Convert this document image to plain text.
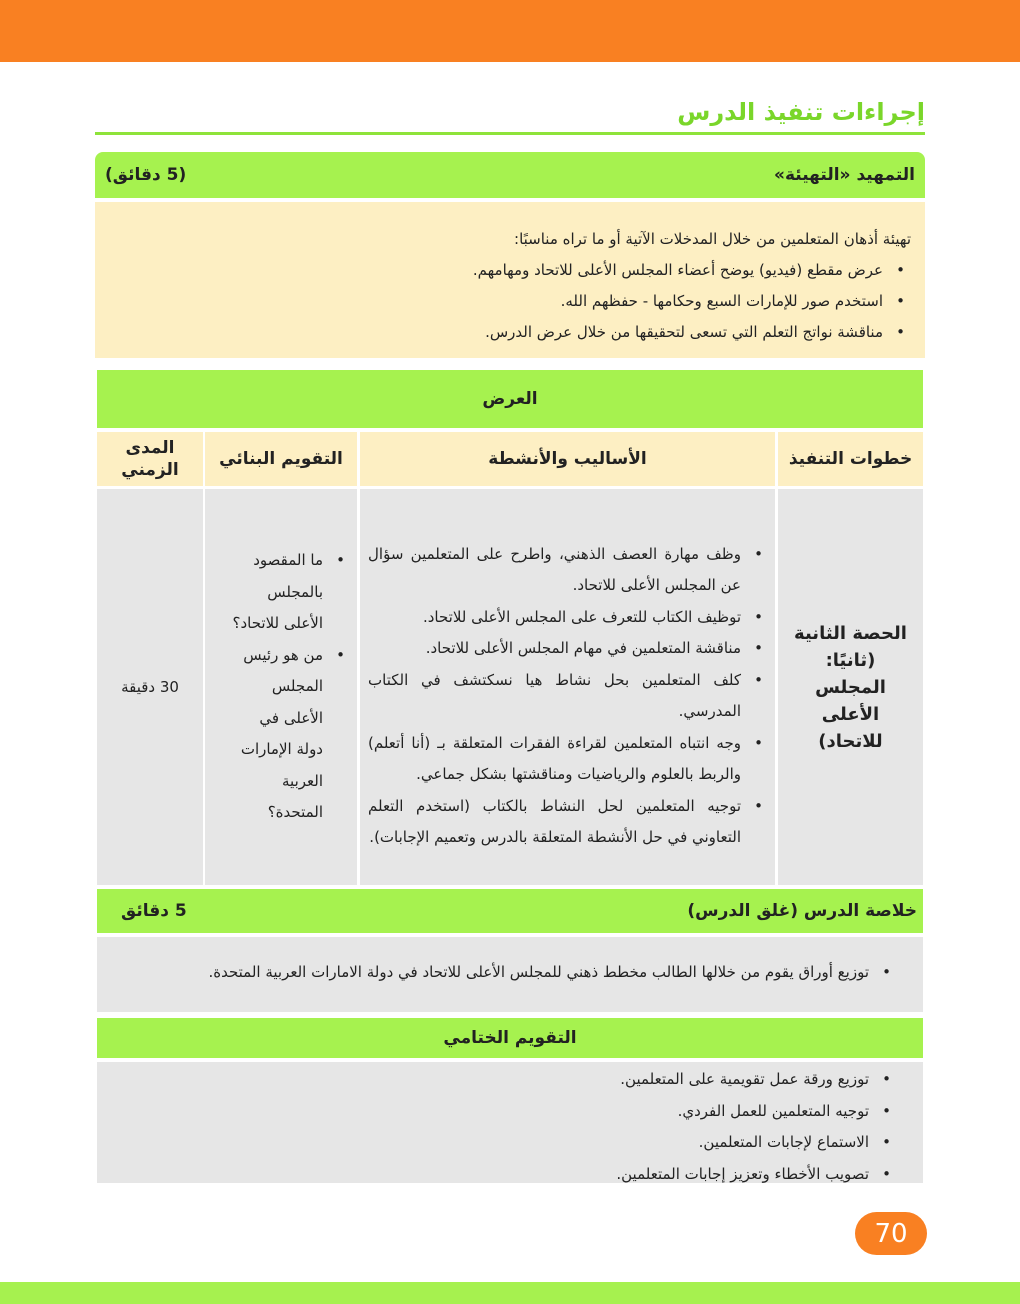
إجراءات تنفيذ الدرس
التمهيد «التهيئة»
(5 دقائق)
تهيئة أذهان المتعلمين من خلال المدخلات الآتية أو ما تراه مناسبًا:
• عرض مقطع (فيديو) يوضح أعضاء المجلس الأعلى للاتحاد ومهامهم.
• استخدم صور للإمارات السبع وحكامها - حفظهم الله.
• مناقشة نواتج التعلم التي تسعى لتحقيقها من خلال عرض الدرس.
العرض
خطوات التنفيذ
الأساليب والأنشطة
التقويم البنائي
المدى الزمني
الحصة الثانية (ثانيًا: المجلس الأعلى للاتحاد)
• وظف مهارة العصف الذهني، واطرح على المتعلمين سؤال عن المجلس الأعلى للاتحاد.
• توظيف الكتاب للتعرف على المجلس الأعلى للاتحاد.
• مناقشة المتعلمين في مهام المجلس الأعلى للاتحاد.
• كلف المتعلمين بحل نشاط هيا نسكتشف في الكتاب المدرسي.
• وجه انتباه المتعلمين لقراءة الفقرات المتعلقة بـ (أنا أتعلم) والربط بالعلوم والرياضيات ومناقشتها بشكل جماعي.
• توجيه المتعلمين لحل النشاط بالكتاب (استخدم التعلم التعاوني في حل الأنشطة المتعلقة بالدرس وتعميم الإجابات).
• ما المقصود بالمجلس الأعلى للاتحاد؟
• من هو رئيس المجلس الأعلى في دولة الإمارات العربية المتحدة؟
30 دقيقة
خلاصة الدرس (غلق الدرس)
5 دقائق
• توزيع أوراق يقوم من خلالها الطالب مخطط ذهني للمجلس الأعلى للاتحاد في دولة الامارات العربية المتحدة.
التقويم الختامي
• توزيع ورقة عمل تقويمية على المتعلمين.
• توجيه المتعلمين للعمل الفردي.
• الاستماع لإجابات المتعلمين.
• تصويب الأخطاء وتعزيز إجابات المتعلمين.
70
